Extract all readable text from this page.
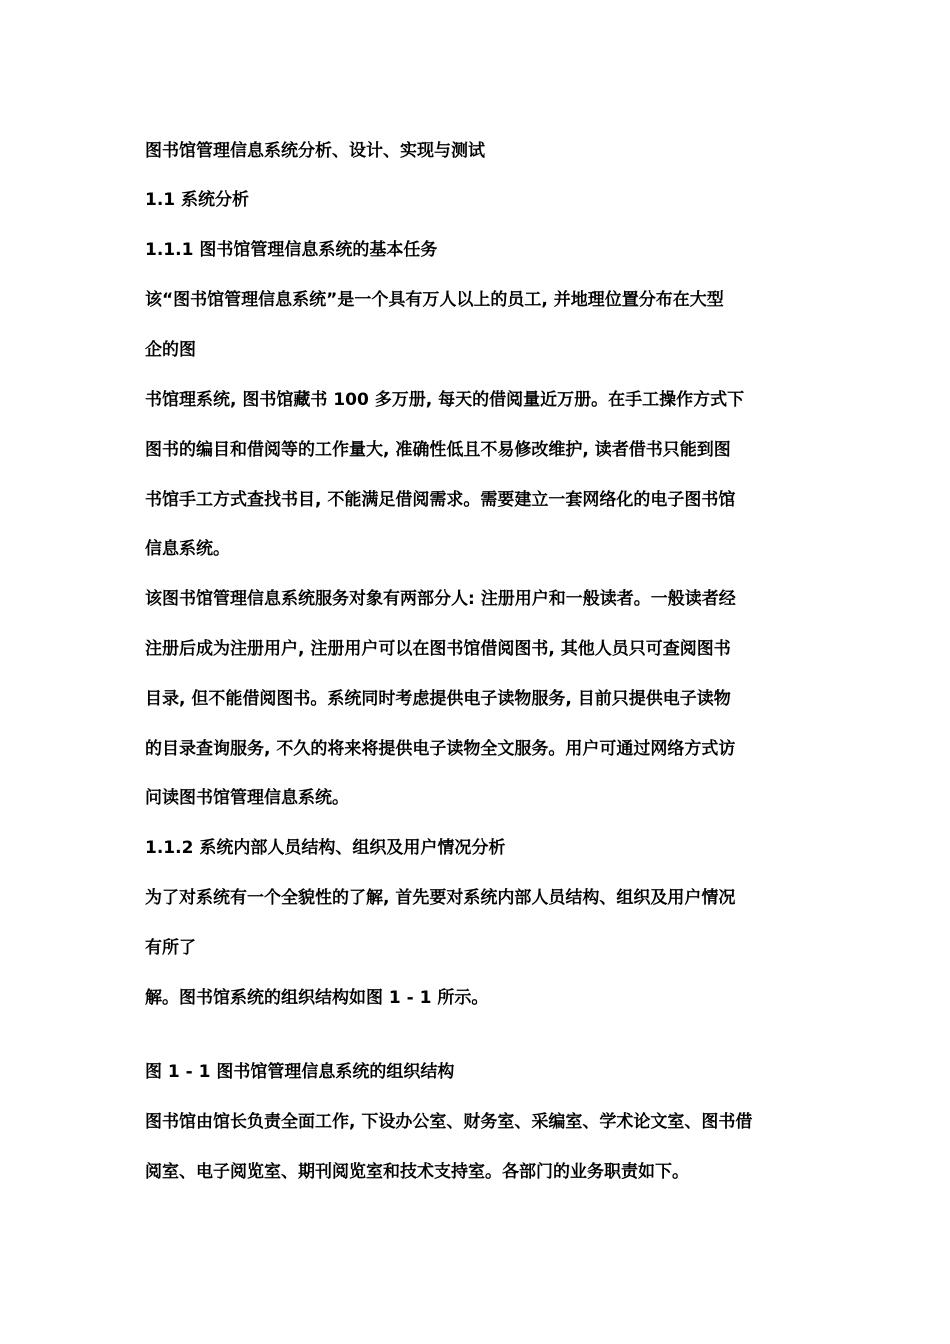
图书馆管理信息系统分析、设计、实现与测试
1.1 系统分析
1.1.1 图书馆管理信息系统的基本任务
该“图书馆管理信息系统”是一个具有万人以上的员工, 并地理位置分布在大型
企的图
书馆理系统, 图书馆藏书 100 多万册, 每天的借阅量近万册。在手工操作方式下
图书的编目和借阅等的工作量大, 准确性低且不易修改维护, 读者借书只能到图
书馆手工方式查找书目, 不能满足借阅需求。需要建立一套网络化的电子图书馆
信息系统。
该图书馆管理信息系统服务对象有两部分人: 注册用户和一般读者。一般读者经
注册后成为注册用户, 注册用户可以在图书馆借阅图书, 其他人员只可查阅图书
目录, 但不能借阅图书。系统同时考虑提供电子读物服务, 目前只提供电子读物
的目录查询服务, 不久的将来将提供电子读物全文服务。用户可通过网络方式访
问读图书馆管理信息系统。
1.1.2 系统内部人员结构、组织及用户情况分析
为了对系统有一个全貌性的了解, 首先要对系统内部人员结构、组织及用户情况
有所了
解。图书馆系统的组织结构如图 1 - 1 所示。
图 1 - 1 图书馆管理信息系统的组织结构
图书馆由馆长负责全面工作, 下设办公室、财务室、采编室、学术论文室、图书借
阅室、电子阅览室、期刊阅览室和技术支持室。各部门的业务职责如下。
